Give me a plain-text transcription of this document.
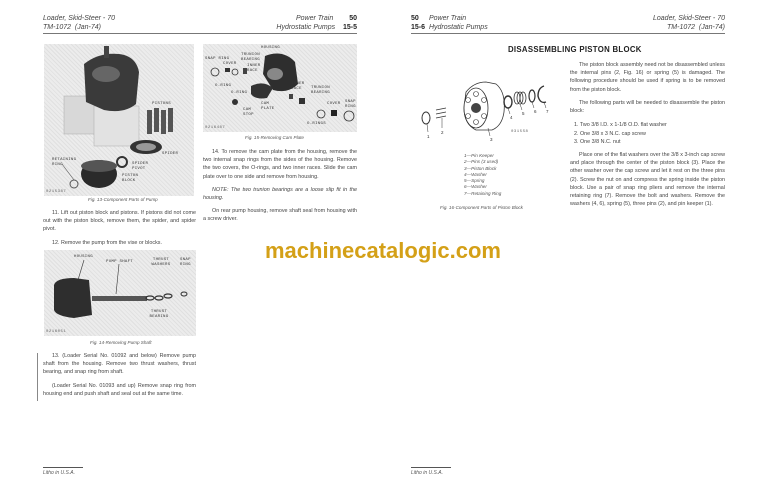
Loader, Skid-Steer - 70
TM-1072 (Jan-74)
Power Train 50
Hydrostatic Pumps 15-5
PISTONS
SPIDER
RETAINING RING	SPIDER PIVOT
PISTON BLOCK
0215387
Fig. 13-Component Parts of Pump

11. Lift out piston block and pistons. If pistons did not come out with the piston block, remove them, the spider, and spider pivot.

12. Remove the pump from the vise or blocks.

HOUSING
PUMP SHAFT	THRUST WASHERS
SNAP RING
THRUST BEARING
0216051
Fig. 14-Removing Pump Shaft

13. (Loader Serial No. 01092 and below) Remove pump shaft from the housing. Remove two thrust washers, thrust bearing, and snap ring from shaft.

(Loader Serial No. 01093 and up) Remove snap ring from housing end and push shaft and seal out at the same time.

HOUSING
SNAP RING
COVER
TRUNION BEARING
INNER RACE
O-RING
O-RING
CAM PLATE
CAM STOP
INNER RACE	TRUNION BEARING
O-RINGS
COVER SNAP RING
0216487
Fig. 15-Removing Cam Plate

14. To remove the cam plate from the housing, remove the two internal snap rings from the sides of the housing. Remove the two covers, the O-rings, and two inner races. Slide the cam plate over to one side and remove from housing.

NOTE: The two trunion bearings are a loose slip fit in the housing.

On rear pump housing, remove shaft seal from housing with a screw driver.

Litho in U.S.A.
50 Power Train
15-6 Hydrostatic Pumps
Loader, Skid-Steer - 70
TM-1072 (Jan-74)
DISASSEMBLING PISTON BLOCK
1
2
3
4
5 6 7
0315S8
1—Pin Keeper
2—Pins (3 used)
3—Piston Block
4—Washer
5—Spring
6—Washer
7—Retaining Ring
Fig. 16-Component Parts of Piston Block

The piston block assembly need not be disassembled unless the internal pins (2, Fig. 16) or spring (5) is damaged. The following procedure should be used if spring is to be removed from the piston block.

The following parts will be needed to disassemble the piston block:

1. Two 3/8 I.D. x 1-1/8 O.D. flat washer
2. One 3/8 x 3 N.C. cap screw
3. One 3/8 N.C. nut

Place one of the flat washers over the 3/8 x 3-inch cap screw and place through the center of the piston block (3). Place the other washer over the cap screw and let it rest on the three pins (2). Screw the nut on and compress the spring inside the piston block. Use a pair of snap ring pliers and remove the internal retaining ring (7). Remove the bolt and washers. Remove the washers (4, 6), spring (5), three pins (2), and pin keeper (1).

Litho in U.S.A.
machinecatalogic.com
